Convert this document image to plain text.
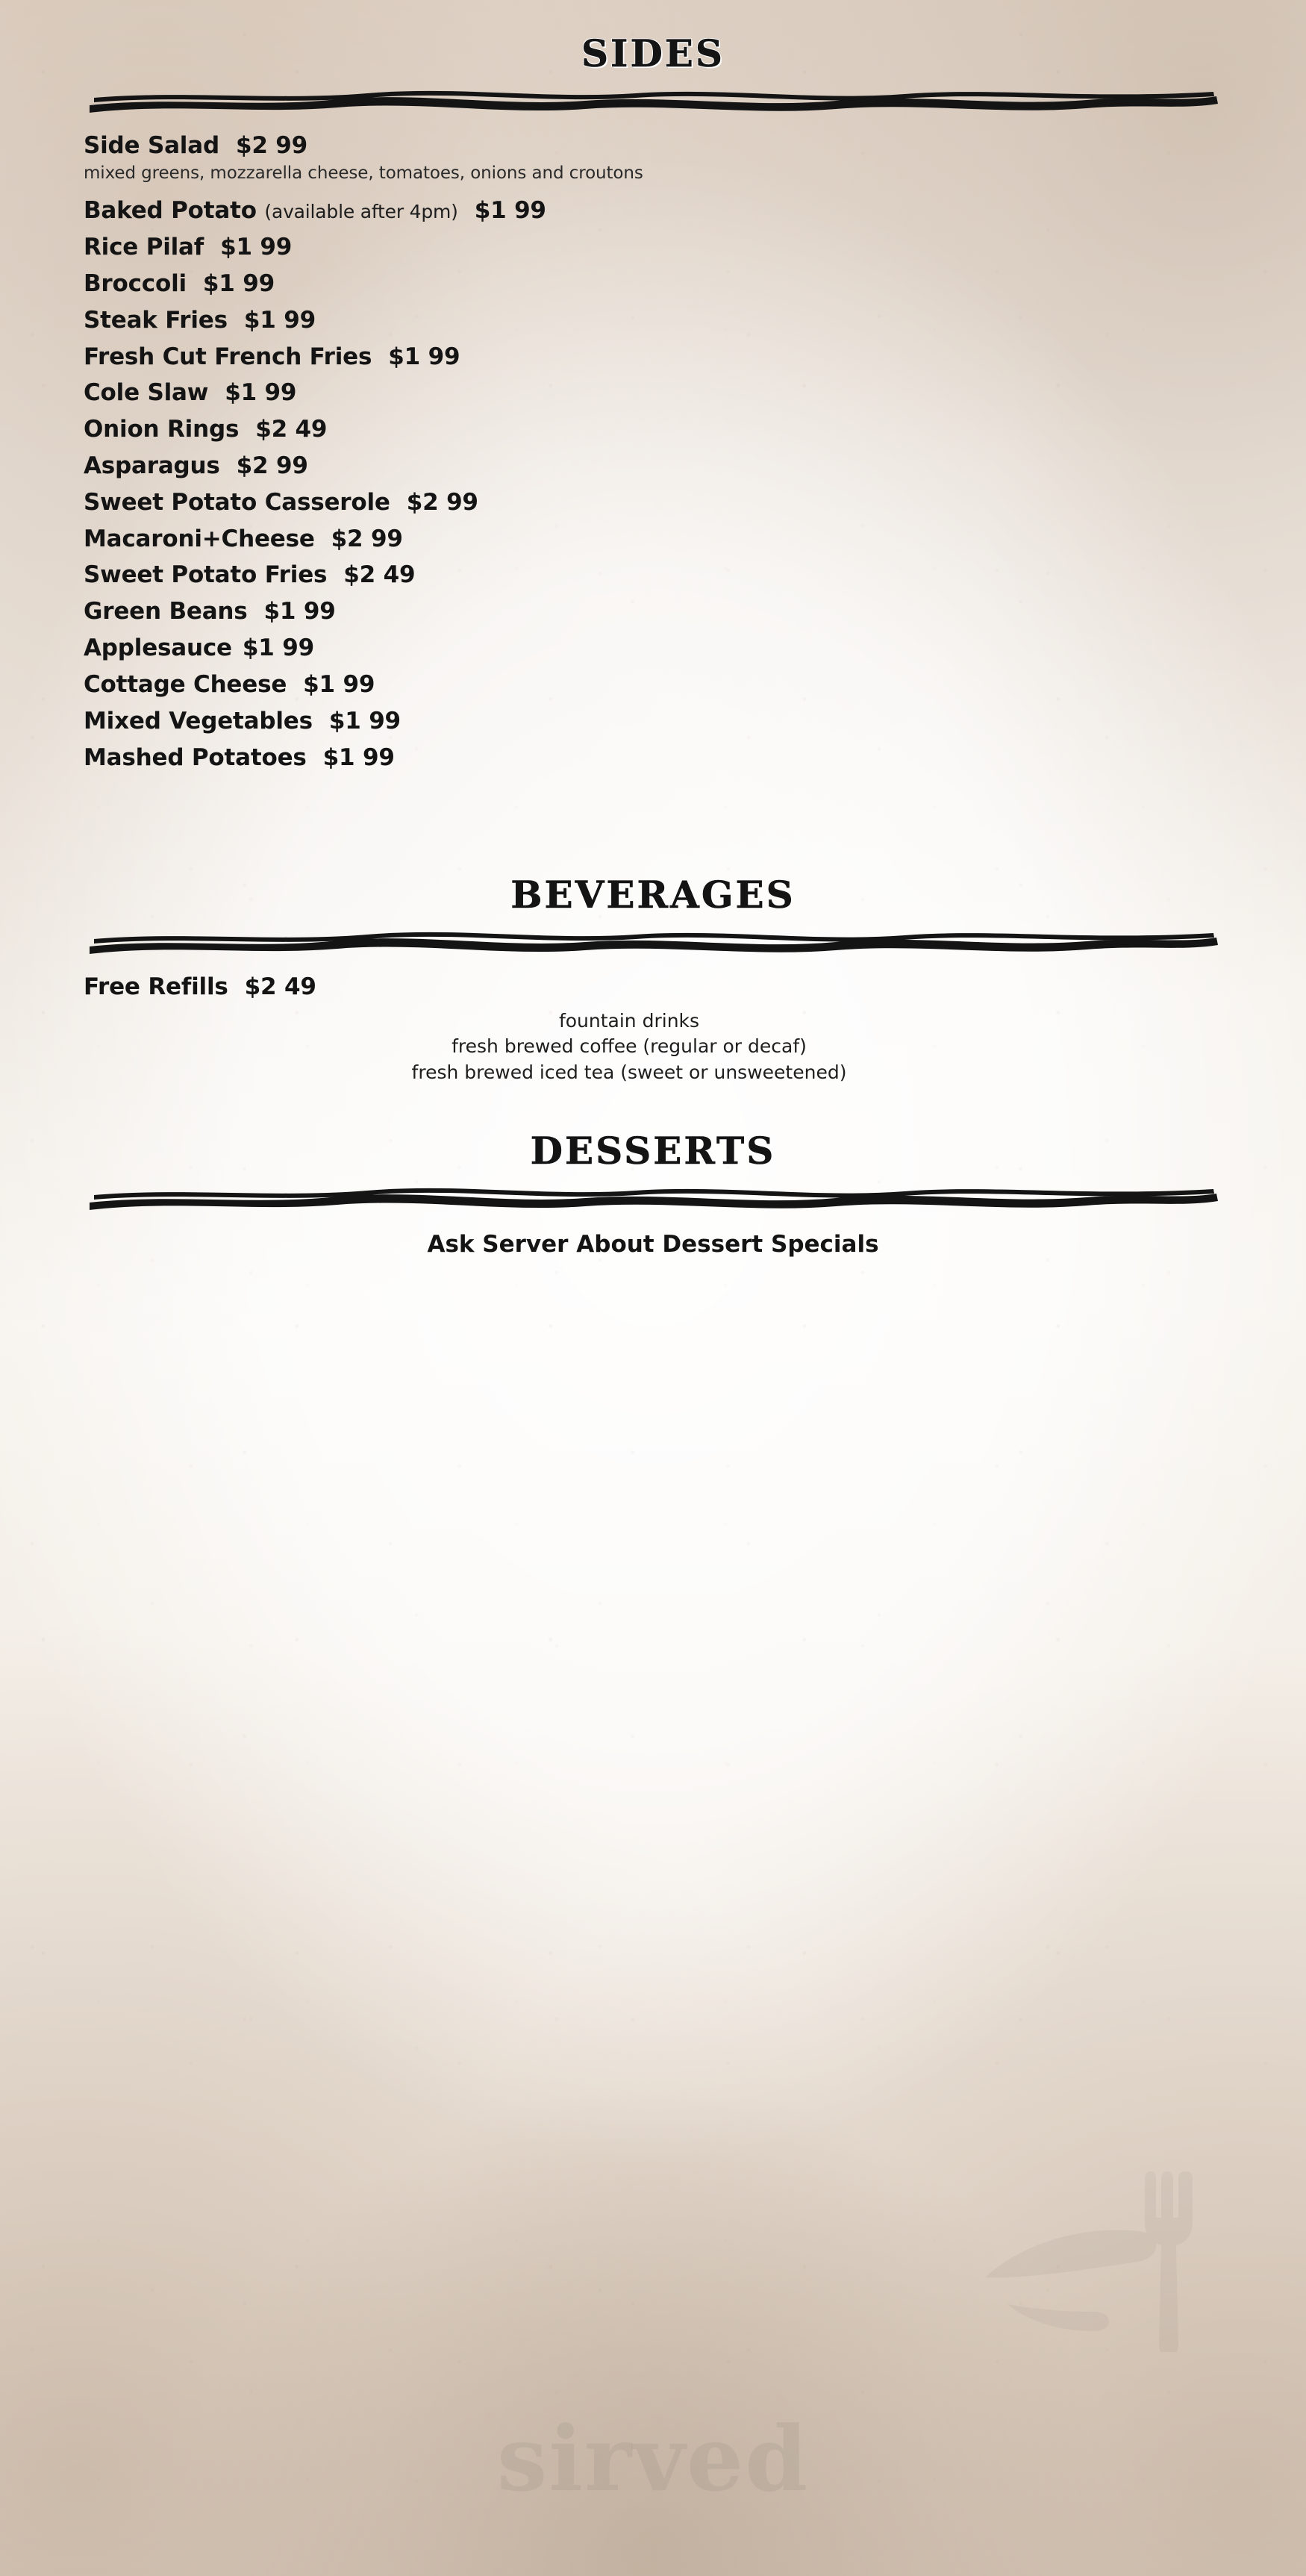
sirved
SIDES
Side Salad $2 99
mixed greens, mozzarella cheese, tomatoes, onions and croutons
Baked Potato (available after 4pm) $1 99
Rice Pilaf $1 99
Broccoli $1 99
Steak Fries $1 99
Fresh Cut French Fries $1 99
Cole Slaw $1 99
Onion Rings $2 49
Asparagus $2 99
Sweet Potato Casserole $2 99
Macaroni+Cheese $2 99
Sweet Potato Fries $2 49
Green Beans $1 99
Applesauce $1 99
Cottage Cheese $1 99
Mixed Vegetables $1 99
Mashed Potatoes $1 99
BEVERAGES
Free Refills $2 49
fountain drinks
fresh brewed coffee (regular or decaf)
fresh brewed iced tea (sweet or unsweetened)
DESSERTS
Ask Server About Dessert Specials
